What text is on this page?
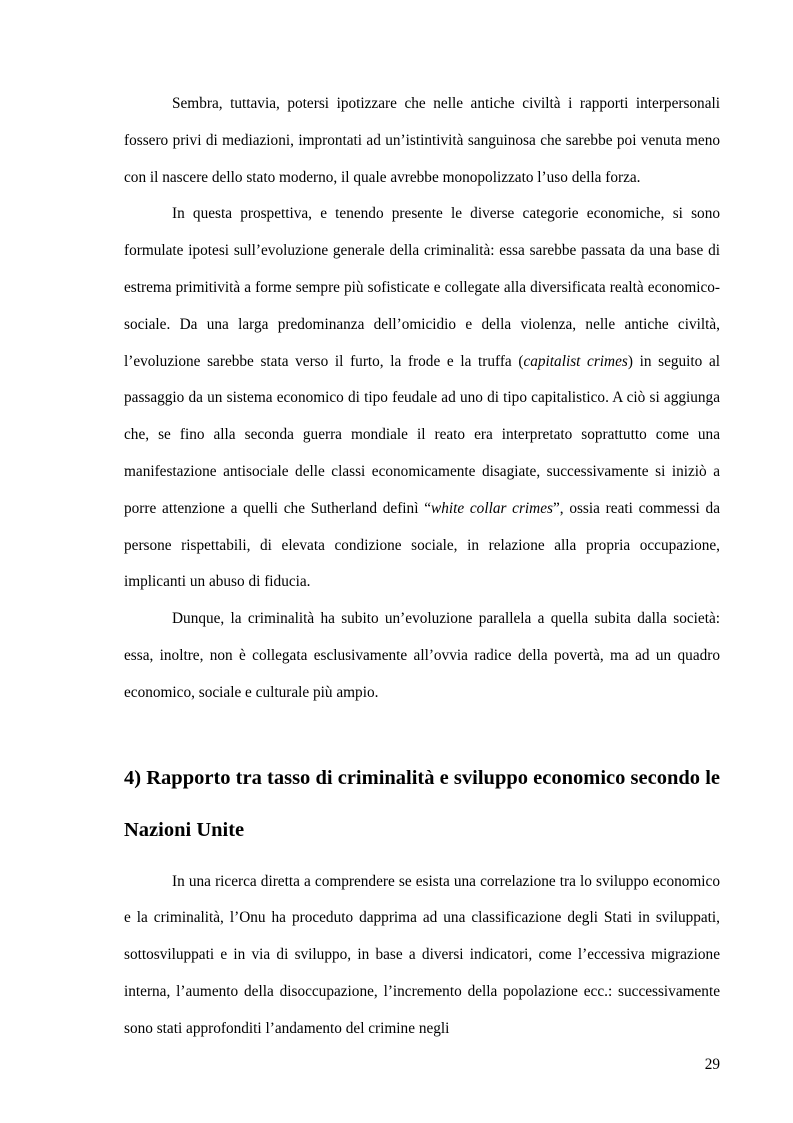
Sembra, tuttavia, potersi ipotizzare che nelle antiche civiltà i rapporti interpersonali fossero privi di mediazioni, improntati ad un’istintività sanguinosa che sarebbe poi venuta meno con il nascere dello stato moderno, il quale avrebbe monopolizzato l’uso della forza.

In questa prospettiva, e tenendo presente le diverse categorie economiche, si sono formulate ipotesi sull’evoluzione generale della criminalità: essa sarebbe passata da una base di estrema primitività a forme sempre più sofisticate e collegate alla diversificata realtà economico-sociale. Da una larga predominanza dell’omicidio e della violenza, nelle antiche civiltà, l’evoluzione sarebbe stata verso il furto, la frode e la truffa (capitalist crimes) in seguito al passaggio da un sistema economico di tipo feudale ad uno di tipo capitalistico. A ciò si aggiunga che, se fino alla seconda guerra mondiale il reato era interpretato soprattutto come una manifestazione antisociale delle classi economicamente disagiate, successivamente si iniziò a porre attenzione a quelli che Sutherland definì “white collar crimes”, ossia reati commessi da persone rispettabili, di elevata condizione sociale, in relazione alla propria occupazione, implicanti un abuso di fiducia.

Dunque, la criminalità ha subito un’evoluzione parallela a quella subita dalla società: essa, inoltre, non è collegata esclusivamente all’ovvia radice della povertà, ma ad un quadro economico, sociale e culturale più ampio.

4) Rapporto tra tasso di criminalità e sviluppo economico secondo le Nazioni Unite

In una ricerca diretta a comprendere se esista una correlazione tra lo sviluppo economico e la criminalità, l’Onu ha proceduto dapprima ad una classificazione degli Stati in sviluppati, sottosviluppati e in via di sviluppo, in base a diversi indicatori, come l’eccessiva migrazione interna, l’aumento della disoccupazione, l’incremento della popolazione ecc.: successivamente sono stati approfonditi l’andamento del crimine negli

29
